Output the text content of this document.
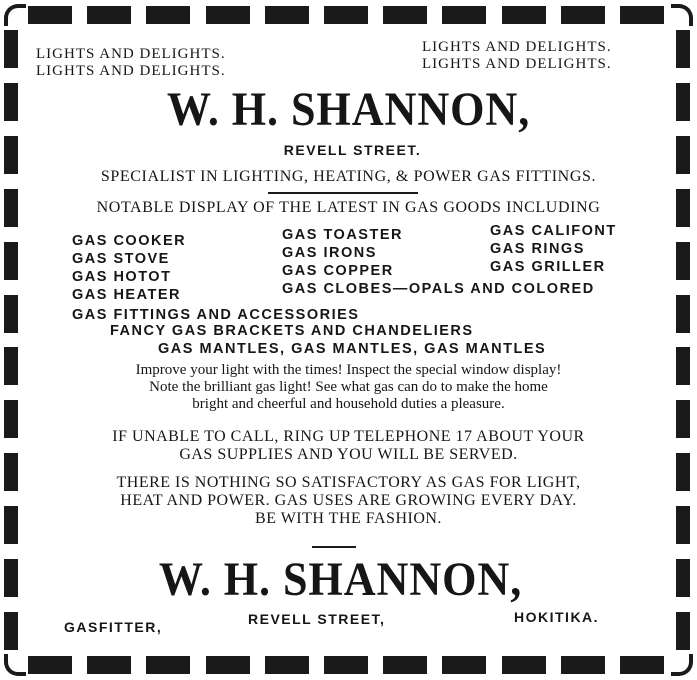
LIGHTS AND DELIGHTS.
LIGHTS AND DELIGHTS.
LIGHTS AND DELIGHTS.
LIGHTS AND DELIGHTS.
W. H. SHANNON,
REVELL STREET.
SPECIALIST IN LIGHTING, HEATING, & POWER GAS FITTINGS.
NOTABLE DISPLAY OF THE LATEST IN GAS GOODS INCLUDING
GAS COOKER
GAS STOVE
GAS HOTOT
GAS HEATER
GAS TOASTER
GAS IRONS
GAS COPPER
GAS CLOBES—OPALS AND COLORED
GAS CALIFONT
GAS RINGS
GAS GRILLER
GAS FITTINGS AND ACCESSORIES
FANCY GAS BRACKETS AND CHANDELIERS
GAS MANTLES, GAS MANTLES, GAS MANTLES
Improve your light with the times! Inspect the special window display!
Note the brilliant gas light! See what gas can do to make the home
bright and cheerful and household duties a pleasure.
IF UNABLE TO CALL, RING UP TELEPHONE 17 ABOUT YOUR
GAS SUPPLIES AND YOU WILL BE SERVED.
THERE IS NOTHING SO SATISFACTORY AS GAS FOR LIGHT,
HEAT AND POWER. GAS USES ARE GROWING EVERY DAY.
BE WITH THE FASHION.
W. H. SHANNON,
GASFITTER,	REVELL STREET,	HOKITIKA.
